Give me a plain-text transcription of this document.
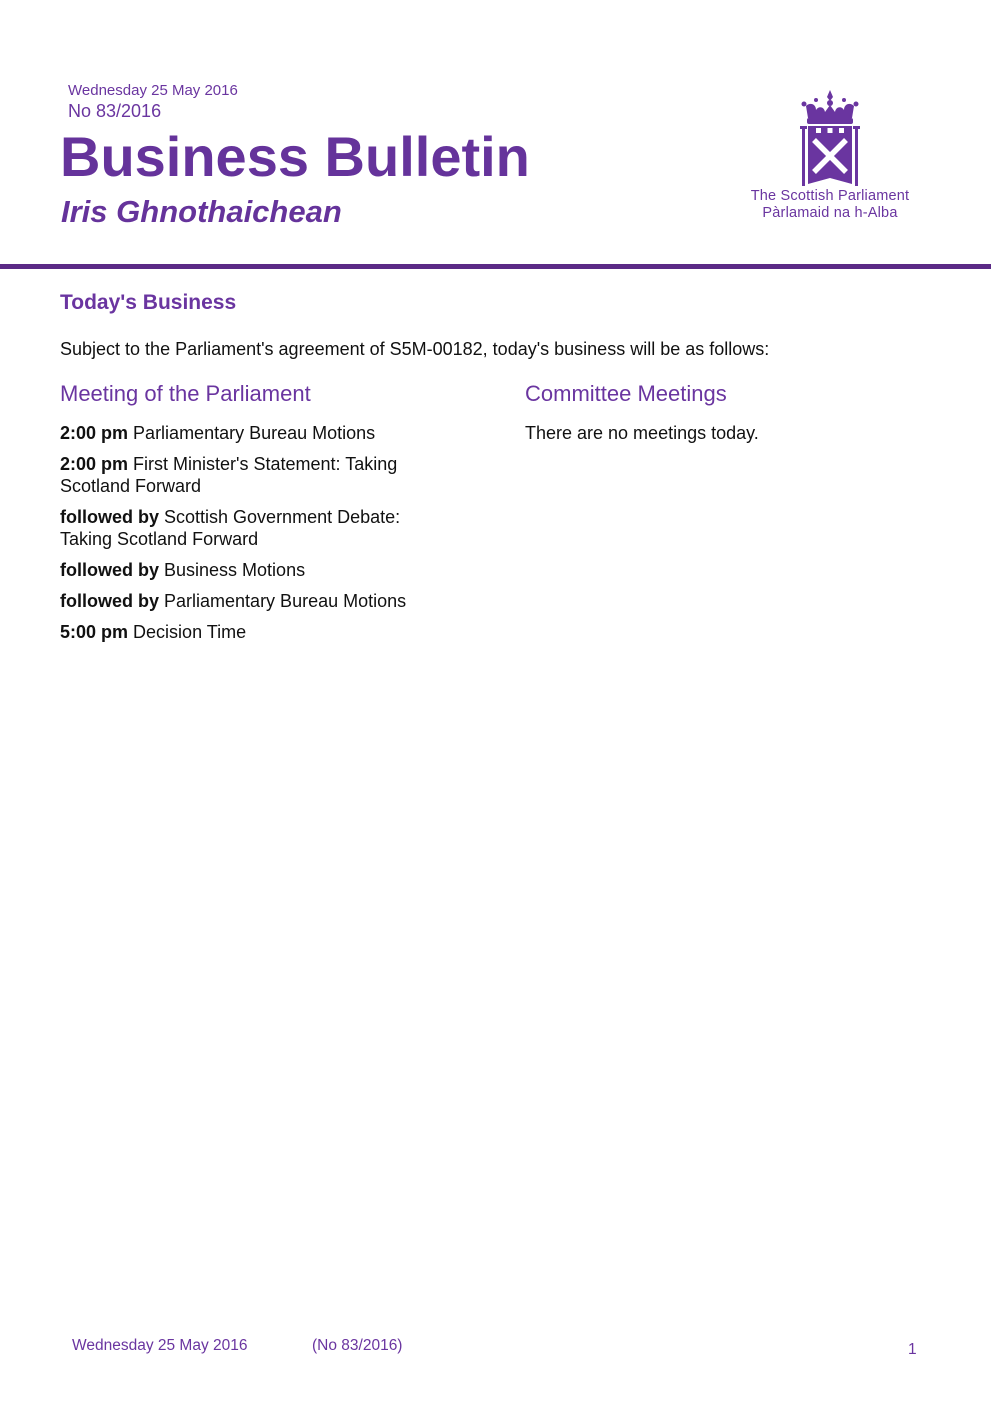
Wednesday 25 May 2016
No 83/2016
Business Bulletin
Iris Ghnothaichean	The Scottish Parliament
Pàrlamaid na h-Alba
Today's Business
Subject to the Parliament's agreement of S5M-00182, today's business will be as follows:
Meeting of the Parliament
2:00 pm Parliamentary Bureau Motions
2:00 pm First Minister's Statement: Taking Scotland Forward
followed by Scottish Government Debate: Taking Scotland Forward
followed by Business Motions
followed by Parliamentary Bureau Motions
5:00 pm Decision Time
Committee Meetings
There are no meetings today.
Wednesday 25 May 2016	(No 83/2016)	1
